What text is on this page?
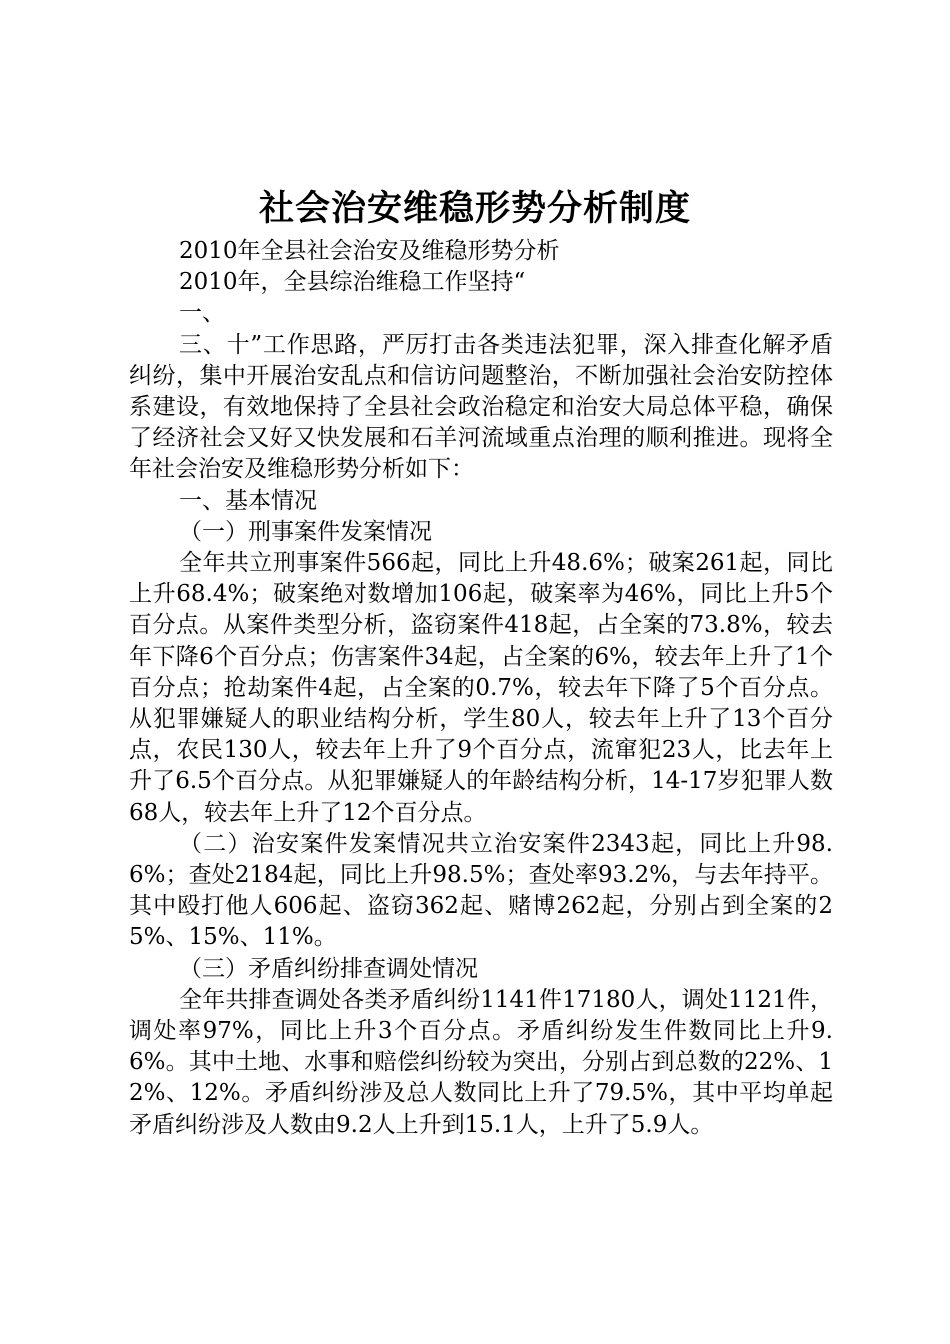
社会治安维稳形势分析制度

2010年全县社会治安及维稳形势分析

2010年，全县综治维稳工作坚持“

一、

三、十”工作思路，严厉打击各类违法犯罪，深入排查化解矛盾纠纷，集中开展治安乱点和信访问题整治，不断加强社会治安防控体系建设，有效地保持了全县社会政治稳定和治安大局总体平稳，确保了经济社会又好又快发展和石羊河流域重点治理的顺利推进。现将全年社会治安及维稳形势分析如下：

一、基本情况

（一）刑事案件发案情况

全年共立刑事案件566起，同比上升48.6%；破案261起，同比上升68.4%；破案绝对数增加106起，破案率为46%，同比上升5个百分点。从案件类型分析，盗窃案件418起，占全案的73.8%，较去年下降6个百分点；伤害案件34起，占全案的6%，较去年上升了1个百分点；抢劫案件4起，占全案的0.7%，较去年下降了5个百分点。从犯罪嫌疑人的职业结构分析，学生80人，较去年上升了13个百分点，农民130人，较去年上升了9个百分点，流窜犯23人，比去年上升了6.5个百分点。从犯罪嫌疑人的年龄结构分析，14-17岁犯罪人数68人，较去年上升了12个百分点。

（二）治安案件发案情况共立治安案件2343起，同比上升98.6%；查处2184起，同比上升98.5%；查处率93.2%，与去年持平。其中殴打他人606起、盗窃362起、赌博262起，分别占到全案的25%、15%、11%。

（三）矛盾纠纷排查调处情况

全年共排查调处各类矛盾纠纷1141件17180人，调处1121件，调处率97%，同比上升3个百分点。矛盾纠纷发生件数同比上升9.6%。其中土地、水事和赔偿纠纷较为突出，分别占到总数的22%、12%、12%。矛盾纠纷涉及总人数同比上升了79.5%，其中平均单起矛盾纠纷涉及人数由9.2人上升到15.1人，上升了5.9人。
